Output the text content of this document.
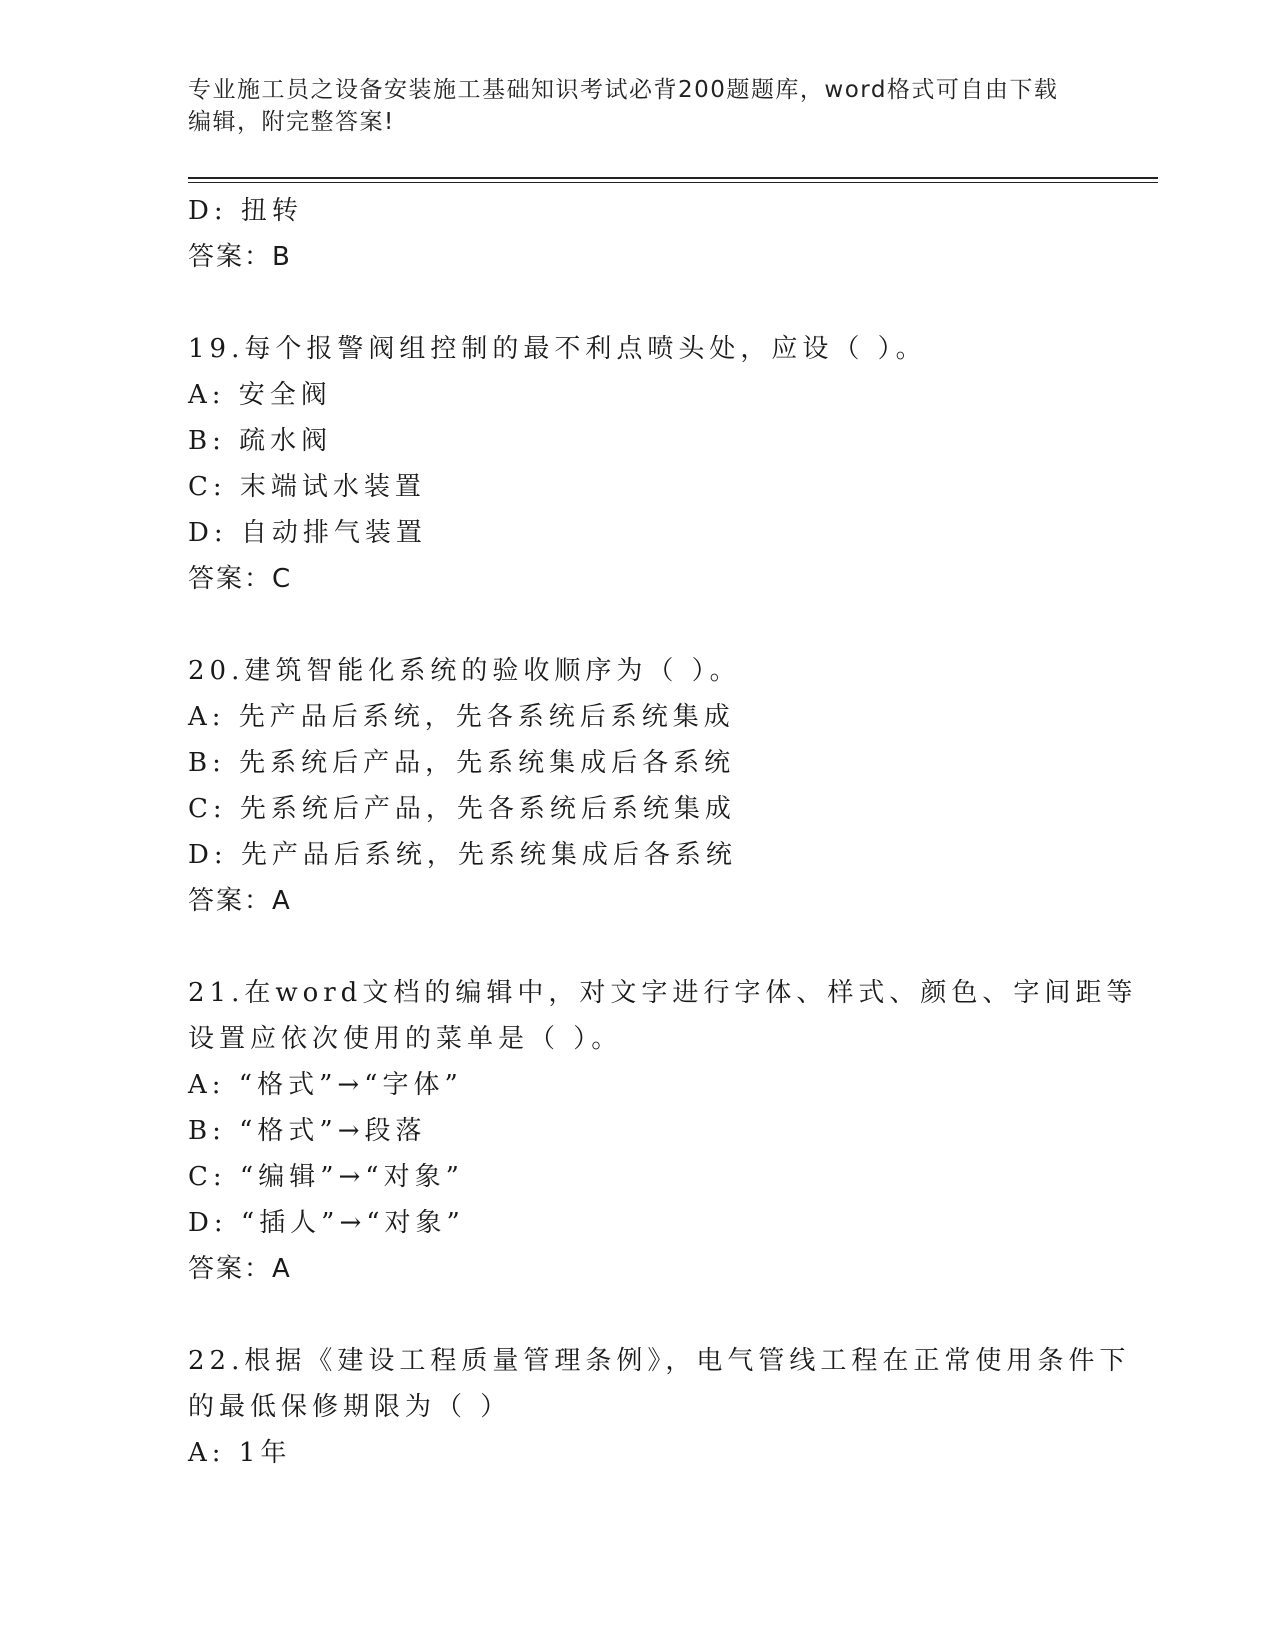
专业施工员之设备安装施工基础知识考试必背200题题库，word格式可自由下载
编辑，附完整答案!
D: 扭转
答案：B
19.每个报警阀组控制的最不利点喷头处，应设（ ）。
A: 安全阀
B: 疏水阀
C: 末端试水装置
D: 自动排气装置
答案：C
20.建筑智能化系统的验收顺序为（ ）。
A: 先产品后系统，先各系统后系统集成
B: 先系统后产品，先系统集成后各系统
C: 先系统后产品，先各系统后系统集成
D: 先产品后系统，先系统集成后各系统
答案：A
21.在word文档的编辑中，对文字进行字体、样式、颜色、字间距等
设置应依次使用的菜单是（ ）。
A: “格式”→“字体”
B: “格式”→段落
C: “编辑”→“对象”
D: “插人”→“对象”
答案：A
22.根据《建设工程质量管理条例》，电气管线工程在正常使用条件下
的最低保修期限为（ ）
A: 1年
